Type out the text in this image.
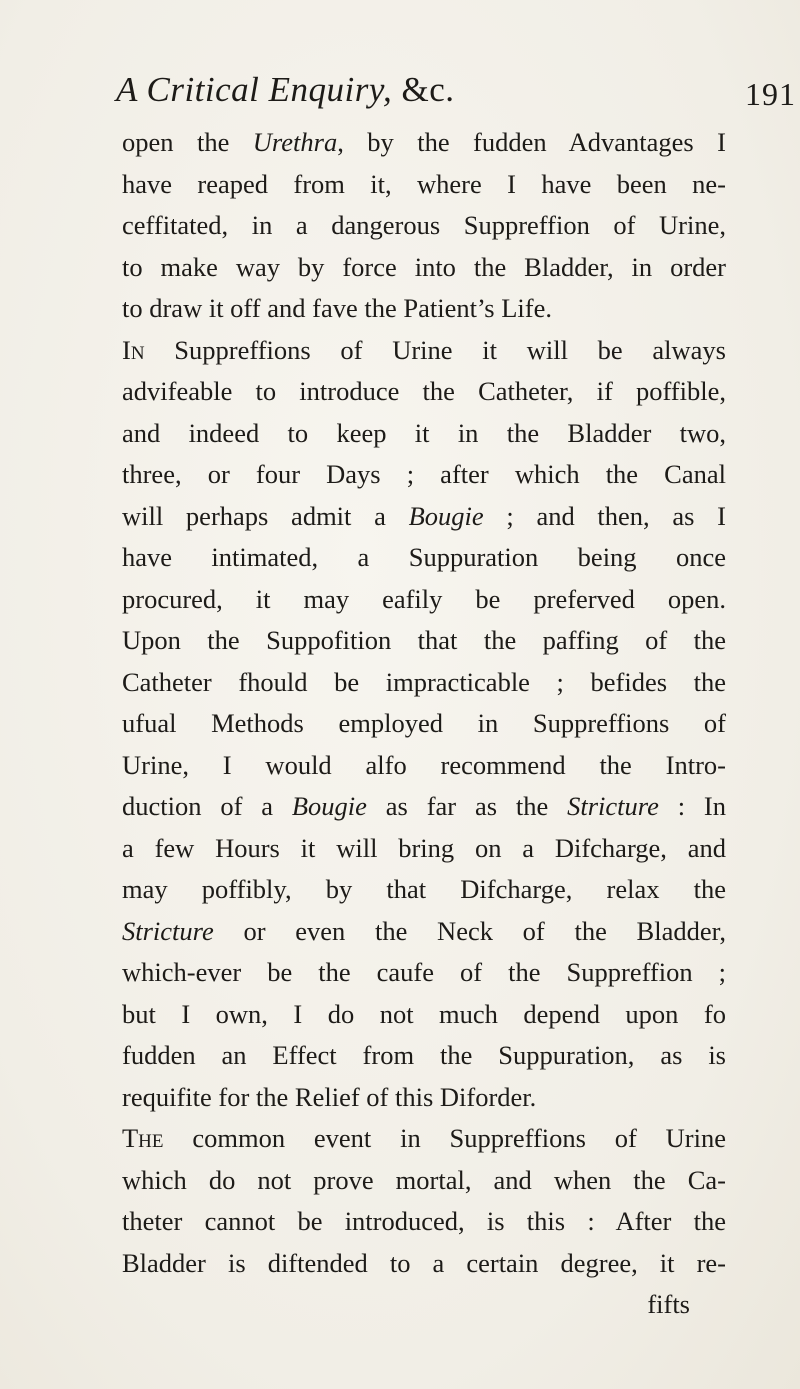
A Critical Enquiry, &c.	191
open the Urethra, by the fudden Advantages I
have reaped from it, where I have been ne-
ceffitated, in a dangerous Suppreffion of Urine,
to make way by force into the Bladder, in order
to draw it off and fave the Patient’s Life.
In Suppreffions of Urine it will be always
advifeable to introduce the Catheter, if poffible,
and indeed to keep it in the Bladder two,
three, or four Days ; after which the Canal
will perhaps admit a Bougie ; and then, as I
have intimated, a Suppuration being once
procured, it may eafily be preferved open.
Upon the Suppofition that the paffing of the
Catheter fhould be impracticable ; befides the
ufual Methods employed in Suppreffions of
Urine, I would alfo recommend the Intro-
duction of a Bougie as far as the Stricture : In
a few Hours it will bring on a Difcharge, and
may poffibly, by that Difcharge, relax the
Stricture or even the Neck of the Bladder,
which-ever be the caufe of the Suppreffion ;
but I own, I do not much depend upon fo
fudden an Effect from the Suppuration, as is
requifite for the Relief of this Diforder.
The common event in Suppreffions of Urine
which do not prove mortal, and when the Ca-
theter cannot be introduced, is this : After the
Bladder is diftended to a certain degree, it re-
fifts
